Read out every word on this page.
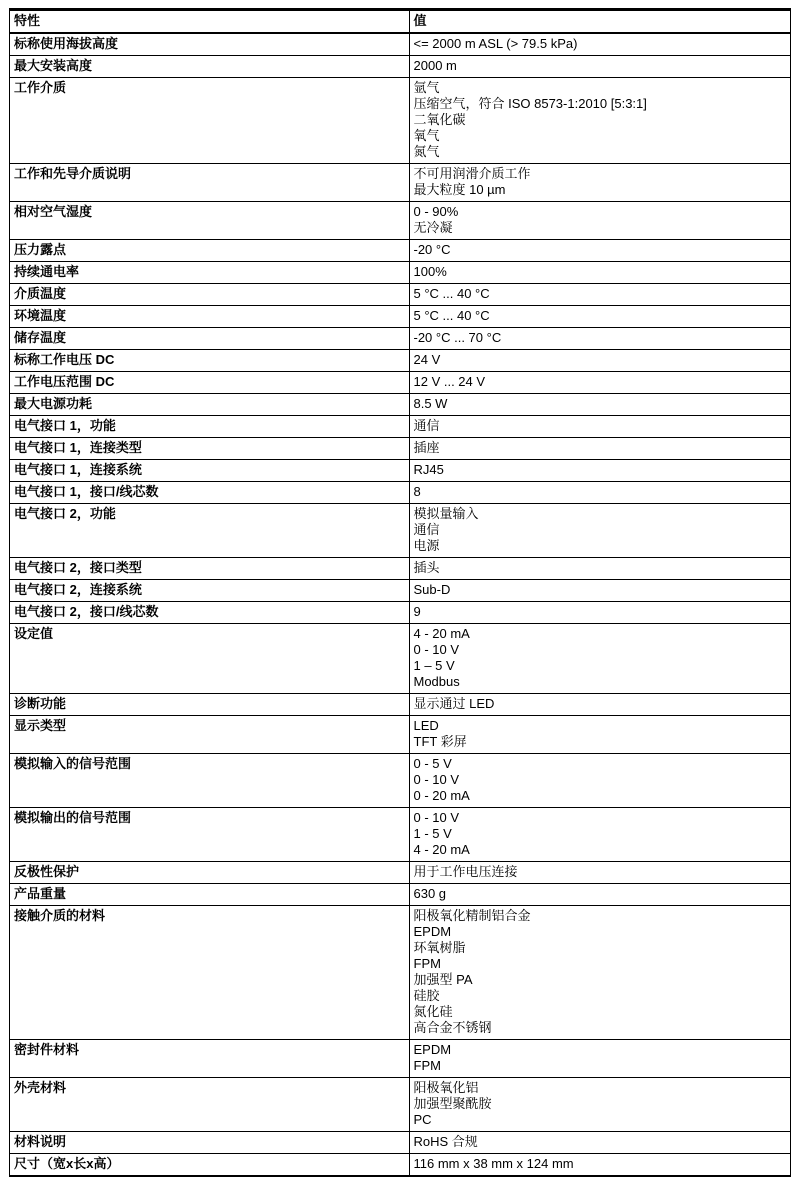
特性	值
标称使用海拔高度	<= 2000 m ASL (> 79.5 kPa)

最大安装高度	2000 m

工作介质	氩气
压缩空气，符合 ISO 8573-1:2010 [5:3:1]
二氧化碳
氧气
氮气

工作和先导介质说明	不可用润滑介质工作
最大粒度 10 µm

相对空气湿度	0 - 90%
无冷凝

压力露点	-20 °C

持续通电率	100%

介质温度	5 °C ... 40 °C

环境温度	5 °C ... 40 °C

储存温度	-20 °C ... 70 °C

标称工作电压 DC	24 V

工作电压范围 DC	12 V ... 24 V

最大电源功耗	8.5 W

电气接口 1，功能	通信

电气接口 1，连接类型	插座

电气接口 1，连接系统	RJ45

电气接口 1，接口/线芯数	8

电气接口 2，功能	模拟量输入
通信
电源

电气接口 2，接口类型	插头

电气接口 2，连接系统	Sub-D

电气接口 2，接口/线芯数	9

设定值	4 - 20 mA
0 - 10 V
1 – 5 V
Modbus

诊断功能	显示通过 LED

显示类型	LED
TFT 彩屏

模拟输入的信号范围	0 - 5 V
0 - 10 V
0 - 20 mA

模拟输出的信号范围	0 - 10 V
1 - 5 V
4 - 20 mA

反极性保护	用于工作电压连接

产品重量	630 g

接触介质的材料	阳极氧化精制铝合金
EPDM
环氧树脂
FPM
加强型 PA
硅胶
氮化硅
高合金不锈钢

密封件材料	EPDM
FPM

外壳材料	阳极氧化铝
加强型聚酰胺
PC

材料说明	RoHS 合规

尺寸（宽x长x高）	116 mm x 38 mm x 124 mm
